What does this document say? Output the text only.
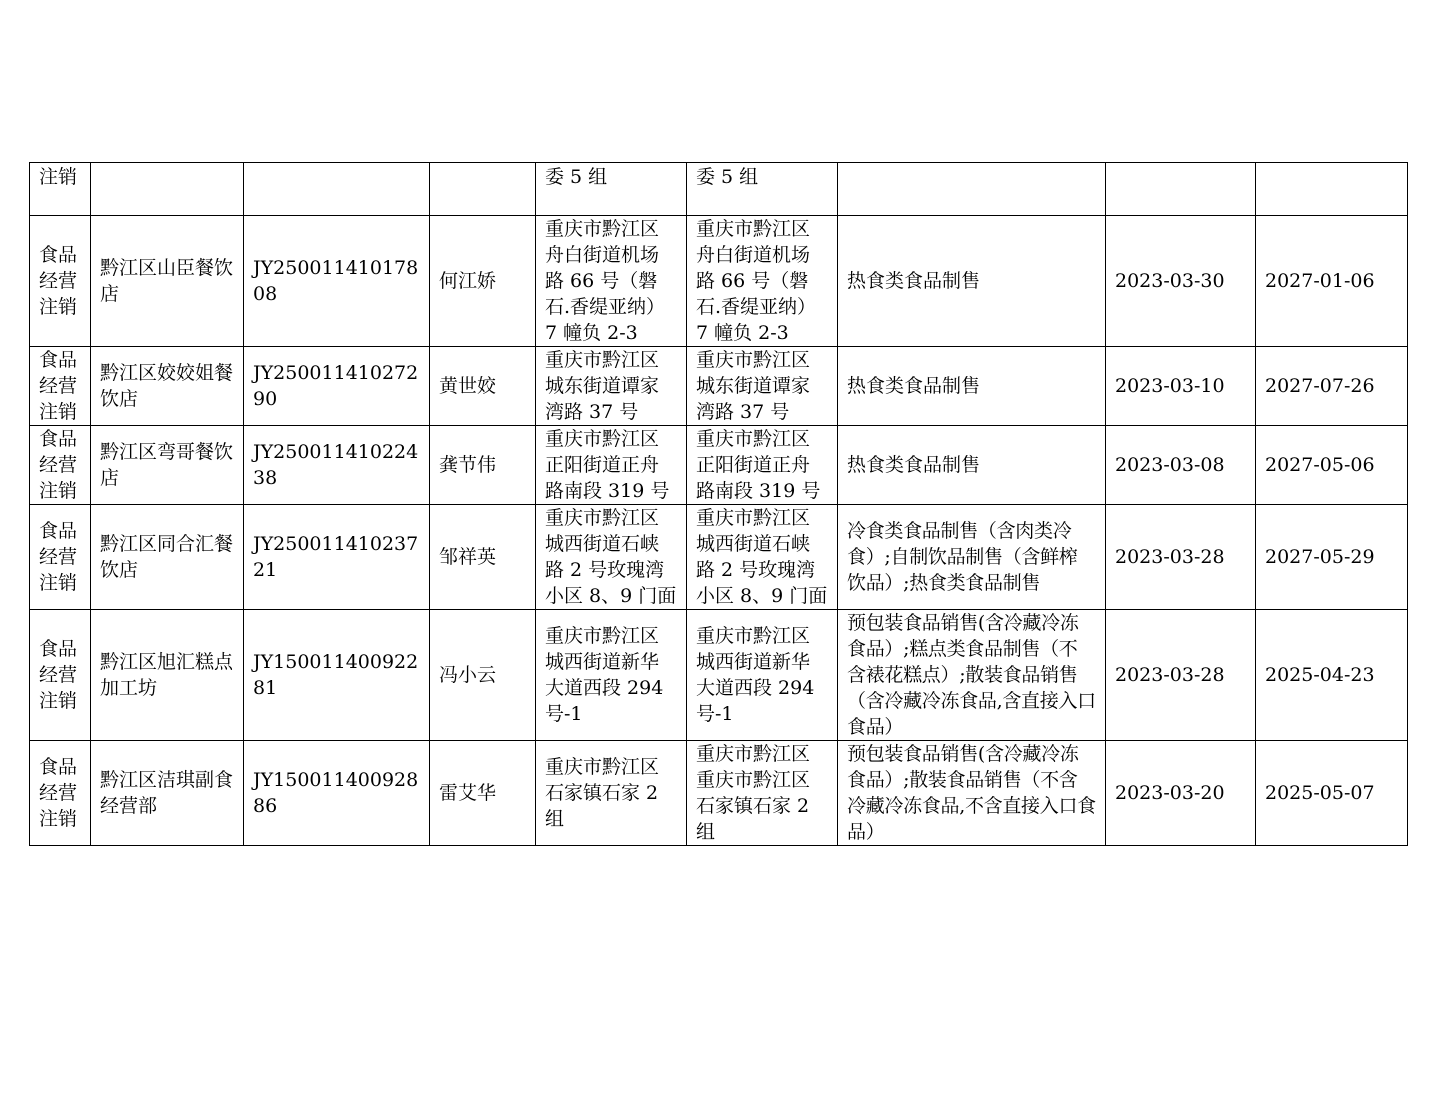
注销				委 5 组	委 5 组			
食品经营注销	黔江区山臣餐饮店	JY25001141017808	何江娇	重庆市黔江区舟白街道机场路 66 号（磐石.香缇亚纳）7 幢负 2-3	重庆市黔江区舟白街道机场路 66 号（磐石.香缇亚纳）7 幢负 2-3	热食类食品制售	2023-03-30	2027-01-06
食品经营注销	黔江区姣姣姐餐饮店	JY25001141027290	黄世姣	重庆市黔江区城东街道谭家湾路 37 号	重庆市黔江区城东街道谭家湾路 37 号	热食类食品制售	2023-03-10	2027-07-26
食品经营注销	黔江区弯哥餐饮店	JY25001141022438	龚节伟	重庆市黔江区正阳街道正舟路南段 319 号	重庆市黔江区正阳街道正舟路南段 319 号	热食类食品制售	2023-03-08	2027-05-06
食品经营注销	黔江区同合汇餐饮店	JY25001141023721	邹祥英	重庆市黔江区城西街道石峡路 2 号玫瑰湾小区 8、9 门面	重庆市黔江区城西街道石峡路 2 号玫瑰湾小区 8、9 门面	冷食类食品制售（含肉类冷食）;自制饮品制售（含鲜榨饮品）;热食类食品制售	2023-03-28	2027-05-29
食品经营注销	黔江区旭汇糕点加工坊	JY15001140092281	冯小云	重庆市黔江区城西街道新华大道西段 294 号-1	重庆市黔江区城西街道新华大道西段 294 号-1	预包装食品销售(含冷藏冷冻食品）;糕点类食品制售（不含裱花糕点）;散装食品销售（含冷藏冷冻食品,含直接入口食品）	2023-03-28	2025-04-23
食品经营注销	黔江区洁琪副食经营部	JY15001140092886	雷艾华	重庆市黔江区石家镇石家 2 组	重庆市黔江区重庆市黔江区石家镇石家 2 组	预包装食品销售(含冷藏冷冻食品）;散装食品销售（不含冷藏冷冻食品,不含直接入口食品）	2023-03-20	2025-05-07
